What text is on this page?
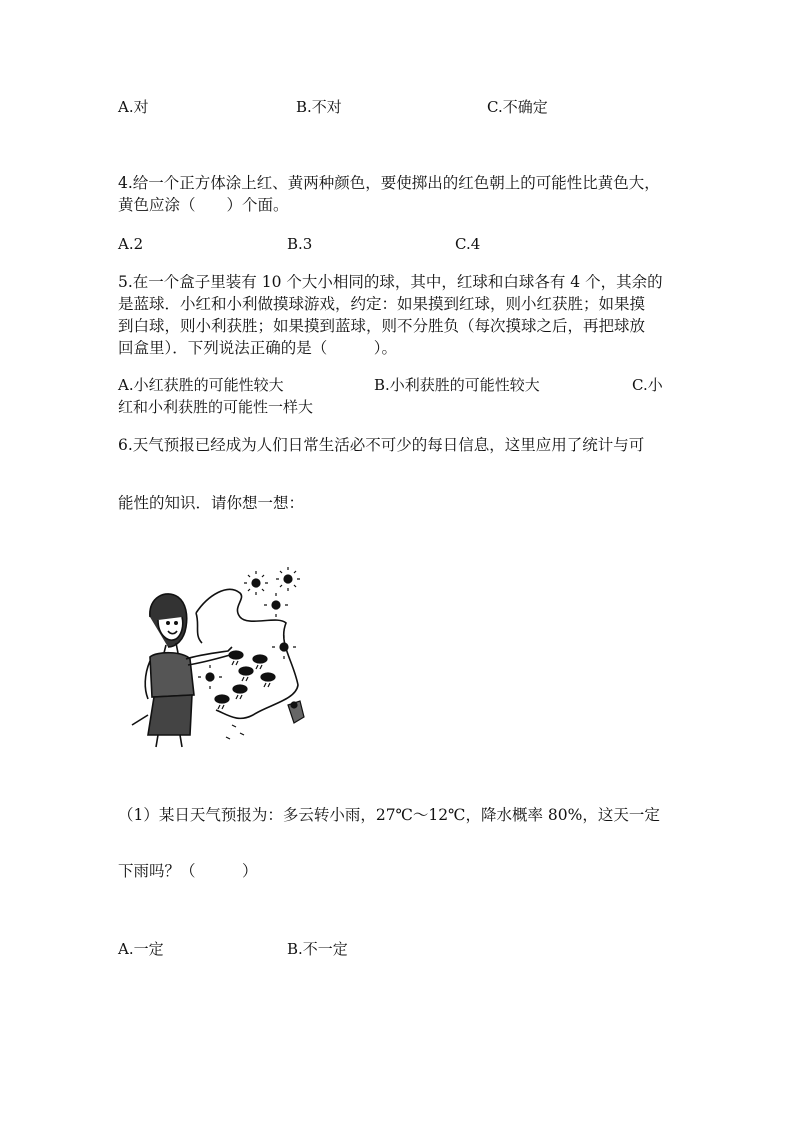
A.对	B.不对	C.不确定
4.给一个正方体涂上红、黄两种颜色，要使掷出的红色朝上的可能性比黄色大，
黄色应涂（　　）个面。
A.2	B.3	C.4
5.在一个盒子里装有 10 个大小相同的球，其中，红球和白球各有 4 个，其余的
是蓝球．小红和小利做摸球游戏，约定：如果摸到红球，则小红获胜；如果摸
到白球，则小利获胜；如果摸到蓝球，则不分胜负（每次摸球之后，再把球放
回盒里）．下列说法正确的是（　　　）。
A.小红获胜的可能性较大	B.小利获胜的可能性较大	C.小
红和小利获胜的可能性一样大
6.天气预报已经成为人们日常生活必不可少的每日信息，这里应用了统计与可
能性的知识．请你想一想：
（1）某日天气预报为：多云转小雨，27℃～12℃，降水概率 80%，这天一定
下雨吗？（　　　）
A.一定	B.不一定
